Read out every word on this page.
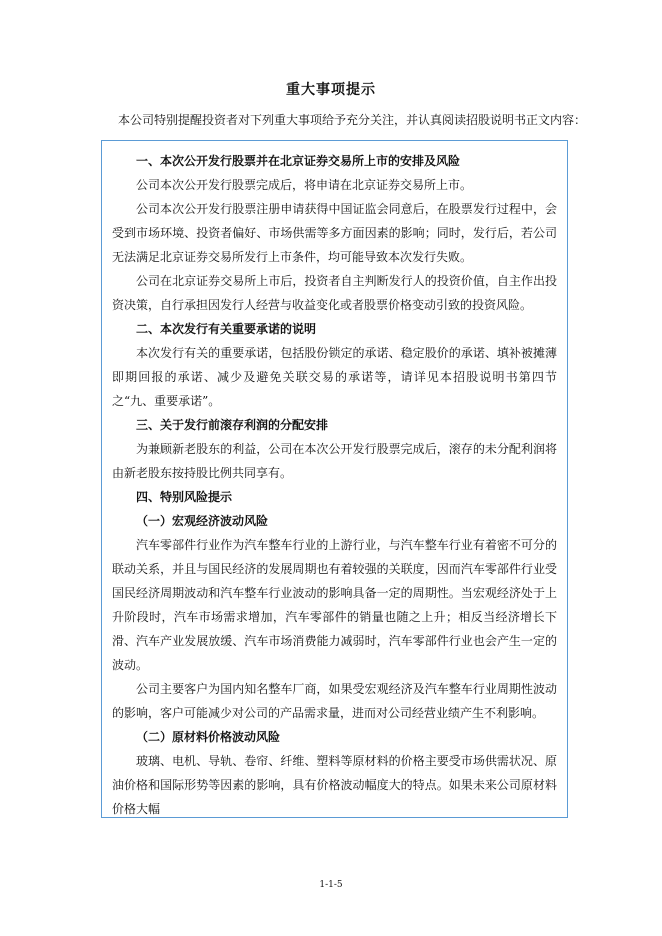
重大事项提示

本公司特别提醒投资者对下列重大事项给予充分关注，并认真阅读招股说明书正文内容：

一、本次公开发行股票并在北京证券交易所上市的安排及风险

公司本次公开发行股票完成后，将申请在北京证券交易所上市。

公司本次公开发行股票注册申请获得中国证监会同意后，在股票发行过程中，会受到市场环境、投资者偏好、市场供需等多方面因素的影响；同时，发行后，若公司无法满足北京证券交易所发行上市条件，均可能导致本次发行失败。

公司在北京证券交易所上市后，投资者自主判断发行人的投资价值，自主作出投资决策，自行承担因发行人经营与收益变化或者股票价格变动引致的投资风险。

二、本次发行有关重要承诺的说明

本次发行有关的重要承诺，包括股份锁定的承诺、稳定股价的承诺、填补被摊薄即期回报的承诺、减少及避免关联交易的承诺等，请详见本招股说明书第四节之“九、重要承诺”。

三、关于发行前滚存利润的分配安排

为兼顾新老股东的利益，公司在本次公开发行股票完成后，滚存的未分配利润将由新老股东按持股比例共同享有。

四、特别风险提示

（一）宏观经济波动风险

汽车零部件行业作为汽车整车行业的上游行业，与汽车整车行业有着密不可分的联动关系，并且与国民经济的发展周期也有着较强的关联度，因而汽车零部件行业受国民经济周期波动和汽车整车行业波动的影响具备一定的周期性。当宏观经济处于上升阶段时，汽车市场需求增加，汽车零部件的销量也随之上升；相反当经济增长下滑、汽车产业发展放缓、汽车市场消费能力减弱时，汽车零部件行业也会产生一定的波动。

公司主要客户为国内知名整车厂商，如果受宏观经济及汽车整车行业周期性波动的影响，客户可能减少对公司的产品需求量，进而对公司经营业绩产生不利影响。

（二）原材料价格波动风险

玻璃、电机、导轨、卷帘、纤维、塑料等原材料的价格主要受市场供需状况、原油价格和国际形势等因素的影响，具有价格波动幅度大的特点。如果未来公司原材料价格大幅

1-1-5
